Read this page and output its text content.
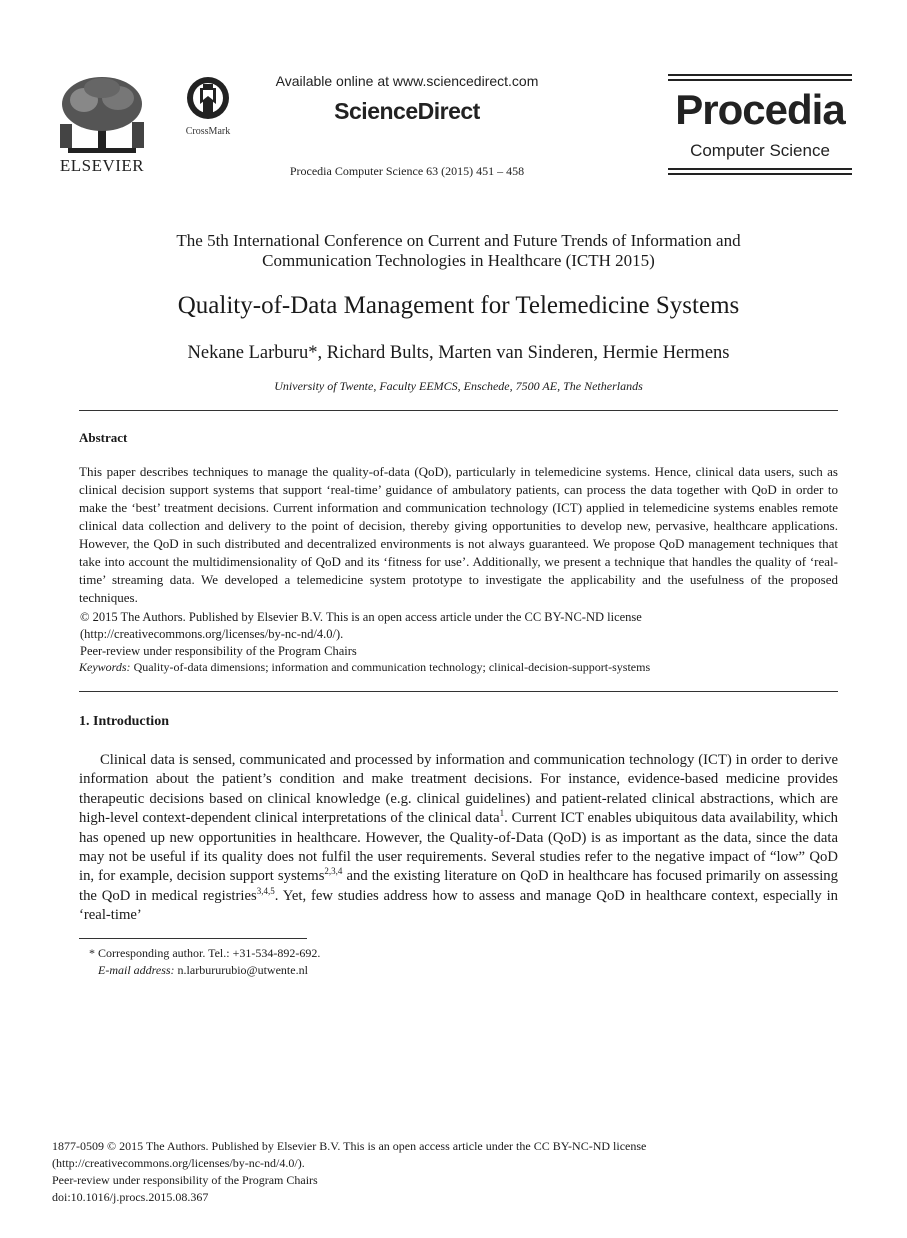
ELSEVIER
CrossMark
Available online at www.sciencedirect.com
ScienceDirect
Procedia Computer Science 63 (2015) 451 – 458
Procedia
Computer Science
The 5th International Conference on Current and Future Trends of Information and
Communication Technologies in Healthcare (ICTH 2015)
Quality-of-Data Management for Telemedicine Systems
Nekane Larburu*, Richard Bults, Marten van Sinderen, Hermie Hermens
University of Twente, Faculty EEMCS, Enschede, 7500 AE, The Netherlands
Abstract
This paper describes techniques to manage the quality-of-data (QoD), particularly in telemedicine systems. Hence, clinical data users, such as clinical decision support systems that support ‘real-time’ guidance of ambulatory patients, can process the data together with QoD in order to make the ‘best’ treatment decisions. Current information and communication technology (ICT) applied in telemedicine systems enables remote clinical data collection and delivery to the point of decision, thereby giving opportunities to develop new, pervasive, healthcare applications. However, the QoD in such distributed and decentralized environments is not always guaranteed. We propose QoD management techniques that take into account the multidimensionality of QoD and its ‘fitness for use’. Additionally, we present a technique that handles the quality of ‘real-time’ streaming data. We developed a telemedicine system prototype to investigate the applicability and the usefulness of the proposed techniques.
© 2015 The Authors. Published by Elsevier B.V. This is an open access article under the CC BY-NC-ND license
(http://creativecommons.org/licenses/by-nc-nd/4.0/).
Peer-review under responsibility of the Program Chairs
Keywords: Quality-of-data dimensions; information and communication technology; clinical-decision-support-systems
1. Introduction

Clinical data is sensed, communicated and processed by information and communication technology (ICT) in order to derive information about the patient’s condition and make treatment decisions. For instance, evidence-based medicine provides therapeutic decisions based on clinical knowledge (e.g. clinical guidelines) and patient-related clinical abstractions, which are high-level context-dependent clinical interpretations of the clinical data$^1$. Current ICT enables ubiquitous data availability, which has opened up new opportunities in healthcare. However, the Quality-of-Data (QoD) is as important as the data, since the data may not be useful if its quality does not fulfil the user requirements. Several studies refer to the negative impact of “low” QoD in, for example, decision support systems$^{2,3,4}$ and the existing literature on QoD in healthcare has focused primarily on assessing the QoD in medical registries$^{3,4,5}$. Yet, few studies address how to assess and manage QoD in healthcare context, especially in ‘real-time’

* Corresponding author. Tel.: +31-534-892-692.
E-mail address: n.larbururubio@utwente.nl
1877-0509 © 2015 The Authors. Published by Elsevier B.V. This is an open access article under the CC BY-NC-ND license
(http://creativecommons.org/licenses/by-nc-nd/4.0/).
Peer-review under responsibility of the Program Chairs
doi:10.1016/j.procs.2015.08.367
